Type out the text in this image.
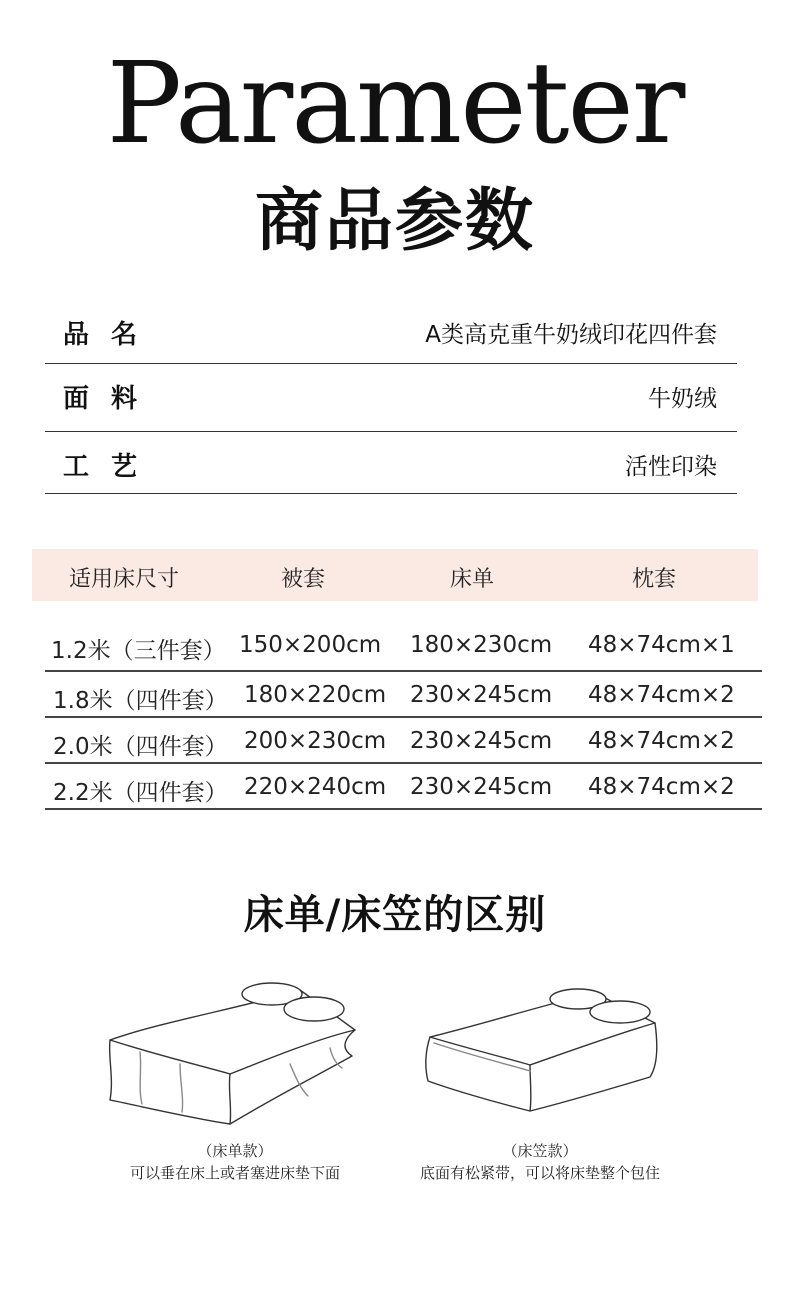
Parameter
商品参数
品名	A类高克重牛奶绒印花四件套
面料	牛奶绒
工艺	活性印染
适用床尺寸	被套	床单	枕套
1.2米（三件套） 150×200cm 180×230cm 48×74cm×1
1.8米（四件套） 180×220cm 230×245cm 48×74cm×2
2.0米（四件套） 200×230cm 230×245cm 48×74cm×2
2.2米（四件套） 220×240cm 230×245cm 48×74cm×2
床单/床笠的区别
（床单款）
可以垂在床上或者塞进床垫下面
（床笠款）
底面有松紧带，可以将床垫整个包住
